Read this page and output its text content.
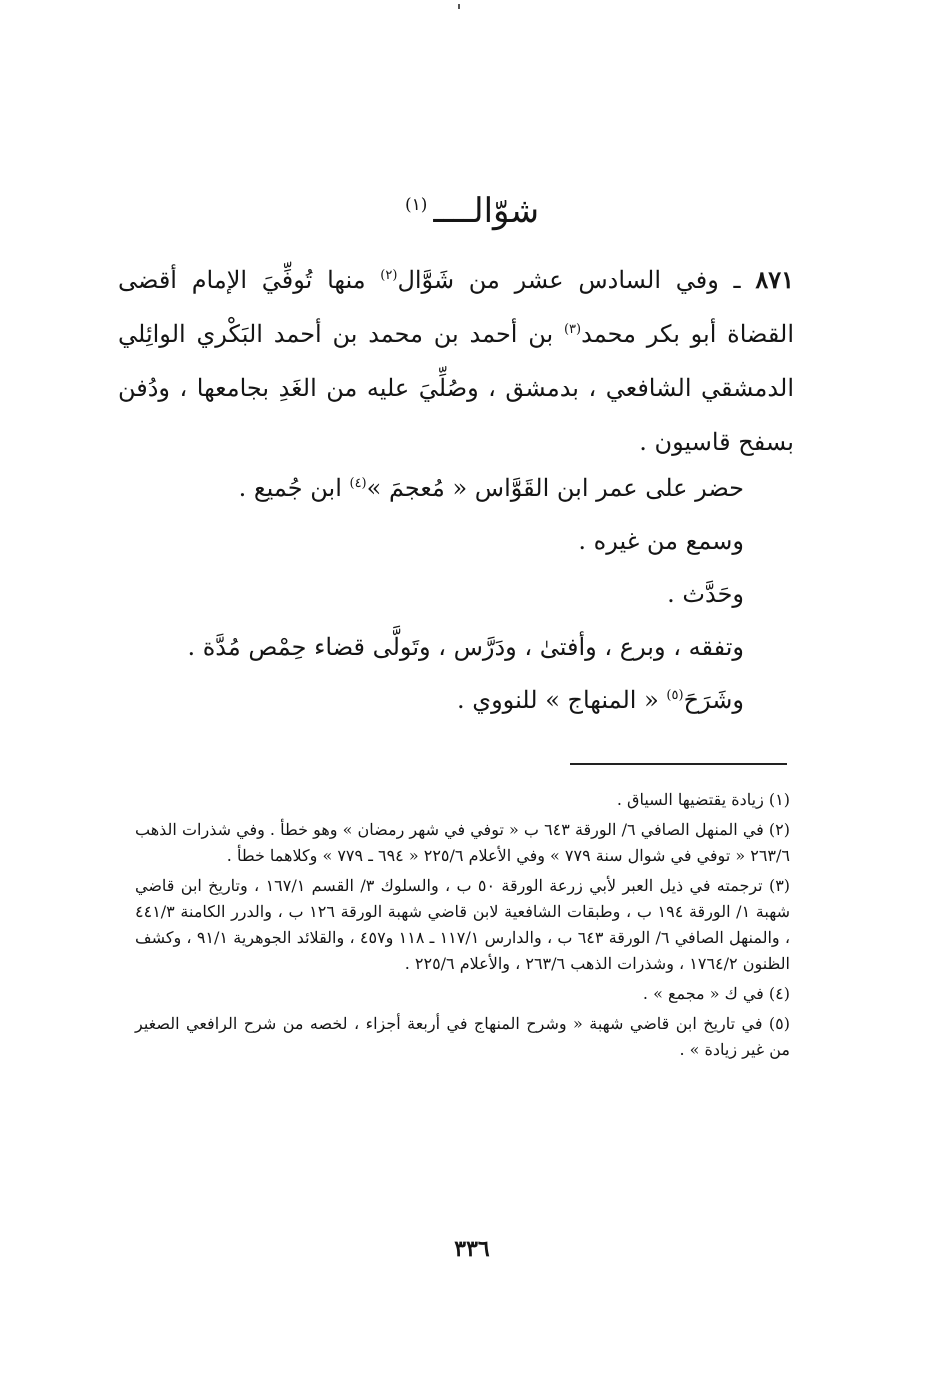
شوّالــــ$^{(١)}$

٨٧١ ـ وفي السادس عشر من شَوَّال$^{(٢)}$ منها تُوفِّيَ الإمام أقضى القضاة أبو بكر محمد$^{(٣)}$ بن أحمد بن محمد بن أحمد البَكْري الوائِلي الدمشقي الشافعي ، بدمشق ، وصُلِّيَ عليه من الغَدِ بجامعها ، ودُفن بسفح قاسيون .

حضر على عمر ابن القَوَّاس « مُعجمَ »$^{(٤)}$ ابن جُميع .

وسمع من غيره .

وحَدَّث .

وتفقه ، وبرع ، وأفتىٰ ، ودَرَّس ، وتَولَّى قضاء حِمْص مُدَّة .

وشَرَحَ$^{(٥)}$ « المنهاج » للنووي .

(١) زيادة يقتضيها السياق .

(٢) في المنهل الصافي ٦/ الورقة ٦٤٣ ب « توفي في شهر رمضان » وهو خطأ . وفي شذرات الذهب ٢٦٣/٦ « توفي في شوال سنة ٧٧٩ » وفي الأعلام ٢٢٥/٦ « ٦٩٤ ـ ٧٧٩ » وكلاهما خطأ .

(٣) ترجمته في ذيل العبر لأبي زرعة الورقة ٥٠ ب ، والسلوك ٣/ القسم ١٦٧/١ ، وتاريخ ابن قاضي شهبة ١/ الورقة ١٩٤ ب ، وطبقات الشافعية لابن قاضي شهبة الورقة ١٢٦ ب ، والدرر الكامنة ٤٤١/٣ ، والمنهل الصافي ٦/ الورقة ٦٤٣ ب ، والدارس ١١٧/١ ـ ١١٨ و٤٥٧ ، والقلائد الجوهرية ٩١/١ ، وكشف الظنون ١٧٦٤/٢ ، وشذرات الذهب ٢٦٣/٦ ، والأعلام ٢٢٥/٦ .

(٤) في ك « مجمع » .

(٥) في تاريخ ابن قاضي شهبة « وشرح المنهاج في أربعة أجزاء ، لخصه من شرح الرافعي الصغير من غير زيادة » .

٣٣٦
